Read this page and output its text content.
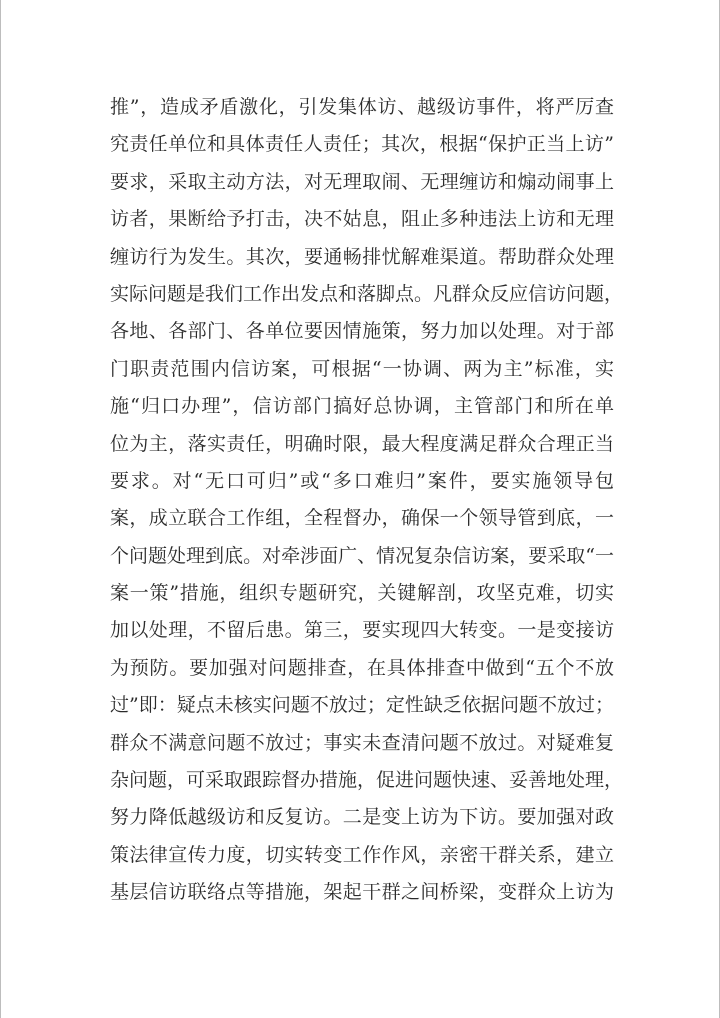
推”，造成矛盾激化，引发集体访、越级访事件，将严厉查
究责任单位和具体责任人责任；其次，根据“保护正当上访”
要求，采取主动方法，对无理取闹、无理缠访和煽动闹事上
访者，果断给予打击，决不姑息，阻止多种违法上访和无理
缠访行为发生。其次，要通畅排忧解难渠道。帮助群众处理
实际问题是我们工作出发点和落脚点。凡群众反应信访问题，
各地、各部门、各单位要因情施策，努力加以处理。对于部
门职责范围内信访案，可根据“一协调、两为主”标准，实
施“归口办理”，信访部门搞好总协调，主管部门和所在单
位为主，落实责任，明确时限，最大程度满足群众合理正当
要求。对“无口可归”或“多口难归”案件，要实施领导包
案，成立联合工作组，全程督办，确保一个领导管到底，一
个问题处理到底。对牵涉面广、情况复杂信访案，要采取“一
案一策”措施，组织专题研究，关键解剖，攻坚克难，切实
加以处理，不留后患。第三，要实现四大转变。一是变接访
为预防。要加强对问题排查，在具体排查中做到“五个不放
过”即：疑点未核实问题不放过；定性缺乏依据问题不放过；
群众不满意问题不放过；事实未查清问题不放过。对疑难复
杂问题，可采取跟踪督办措施，促进问题快速、妥善地处理，
努力降低越级访和反复访。二是变上访为下访。要加强对政
策法律宣传力度，切实转变工作作风，亲密干群关系，建立
基层信访联络点等措施，架起干群之间桥梁，变群众上访为
